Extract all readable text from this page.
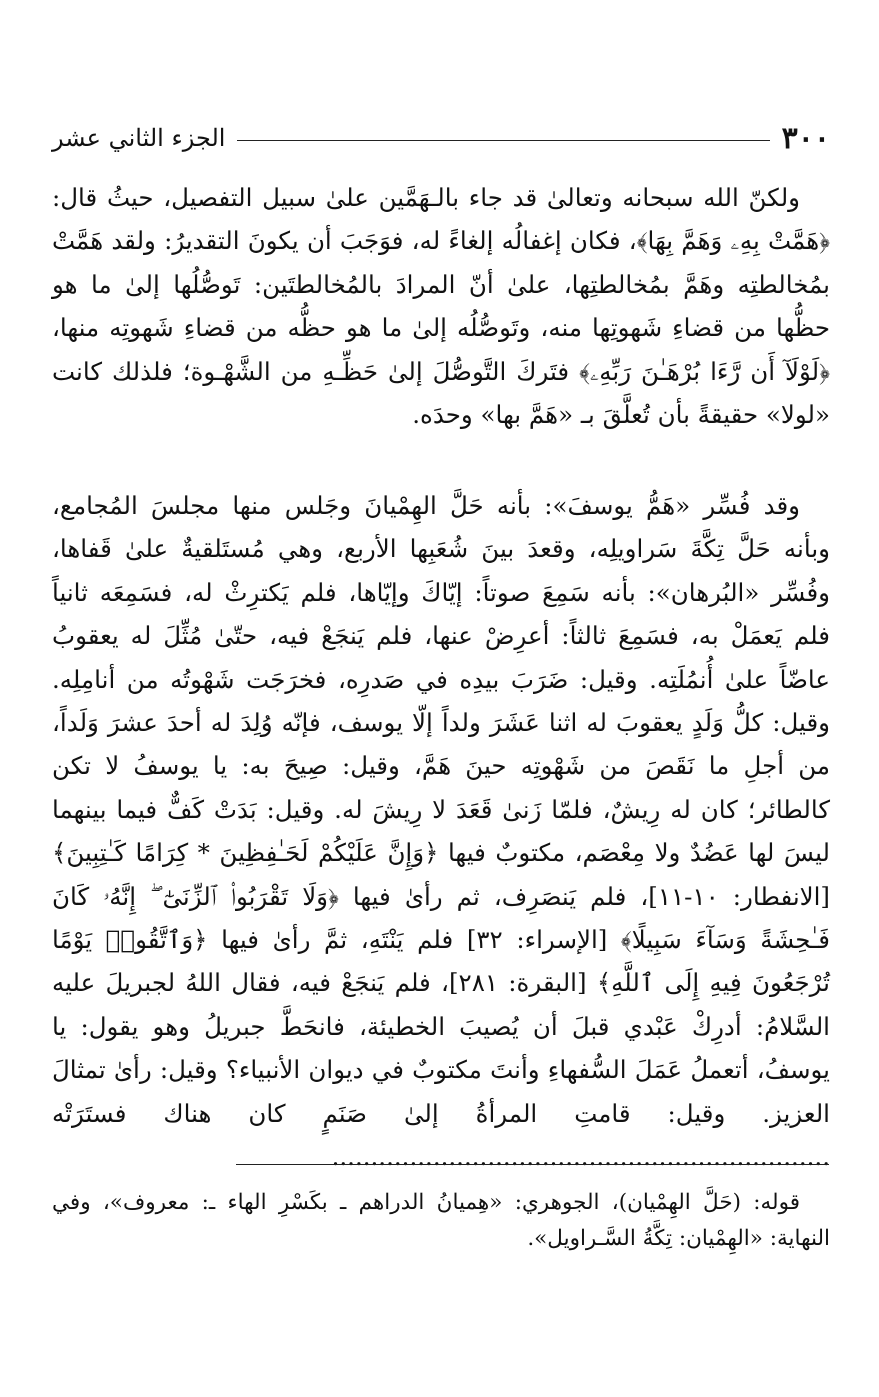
الجزء الثاني عشر	٣٠٠

ولكنّ الله سبحانه وتعالىٰ قد جاء بالـهَمَّين علىٰ سبيل التفصيل، حيثُ قال: ﴿هَمَّتْ بِهِۦ وَهَمَّ بِهَا﴾، فكان إغفالُه إلغاءً له، فوَجَبَ أن يكونَ التقديرُ: ولقد هَمَّتْ بمُخالطتِه وهَمَّ بمُخالطتِها، علىٰ أنّ المرادَ بالمُخالطتَين: تَوصُّلُها إلىٰ ما هو حظُّها من قضاءِ شَهوتِها منه، وتَوصُّلُه إلىٰ ما هو حظُّه من قضاءِ شَهوتِه منها، ﴿لَوْلَآ أَن رَّءَا بُرْهَـٰنَ رَبِّهِۦ﴾ فتَركَ التَّوصُّلَ إلىٰ حَظِّـهِ من الشَّهْـوة؛ فلذلك كانت «لولا» حقيقةً بأن تُعلَّقَ بـ «هَمَّ بها» وحدَه.

وقد فُسِّر «هَمُّ يوسفَ»: بأنه حَلَّ الهِمْيانَ وجَلس منها مجلسَ المُجامع، وبأنه حَلَّ تِكَّةَ سَراويلِه، وقعدَ بينَ شُعَبِها الأربع، وهي مُستَلقيةٌ علىٰ قَفاها، وفُسِّر «البُرهان»: بأنه سَمِعَ صوتاً: إيّاكَ وإيّاها، فلم يَكترِثْ له، فسَمِعَه ثانياً فلم يَعمَلْ به، فسَمِعَ ثالثاً: أعرِضْ عنها، فلم يَنجَعْ فيه، حتّىٰ مُثِّلَ له يعقوبُ عاضّاً علىٰ أُنمُلَتِه. وقيل: ضَرَبَ بيدِه في صَدرِه، فخرَجَت شَهْوتُه من أنامِلِه. وقيل: كلُّ وَلَدٍ يعقوبَ له اثنا عَشَرَ ولداً إلّا يوسف، فإنّه وُلِدَ له أحدَ عشرَ وَلَداً، من أجلِ ما نَقَصَ من شَهْوتِه حينَ هَمَّ، وقيل: صِيحَ به: يا يوسفُ لا تكن كالطائر؛ كان له رِيشٌ، فلمّا زَنىٰ قَعَدَ لا رِيشَ له. وقيل: بَدَتْ كَفٌّ فيما بينهما ليسَ لها عَضُدٌ ولا مِعْصَم، مكتوبٌ فيها ﴿وَإِنَّ عَلَيْكُمْ لَحَـٰفِظِينَ * كِرَامًا كَـٰتِبِينَ﴾ [الانفطار: ١٠-١١]، فلم يَنصَرِف، ثم رأىٰ فيها ﴿وَلَا تَقْرَبُوا۟ ٱلزِّنَىٰٓ ۖ إِنَّهُۥ كَانَ فَـٰحِشَةً وَسَآءَ سَبِيلًا﴾ [الإسراء: ٣٢] فلم يَنْتَهِ، ثمَّ رأىٰ فيها ﴿وَٱتَّقُوا۟ يَوْمًا تُرْجَعُونَ فِيهِ إِلَى ٱللَّهِ﴾ [البقرة: ٢٨١]، فلم يَنجَعْ فيه، فقال اللهُ لجبريلَ عليه السَّلامُ: أدرِكْ عَبْدي قبلَ أن يُصيبَ الخطيئة، فانحَطَّ جبريلُ وهو يقول: يا يوسفُ، أتعملُ عَمَلَ السُّفهاءِ وأنتَ مكتوبٌ في ديوان الأنبياء؟ وقيل: رأىٰ تمثالَ العزيز. وقيل: قامتِ المرأةُ إلىٰ صَنَمٍ كان هناك فستَرَتْه ................................................................

قوله: (حَلَّ الهِمْيان)، الجوهري: «هِميانُ الدراهم ـ بكَسْرِ الهاء ـ: معروف»، وفي النهاية: «الهِمْيان: تِكَّةُ السَّـراويل».
